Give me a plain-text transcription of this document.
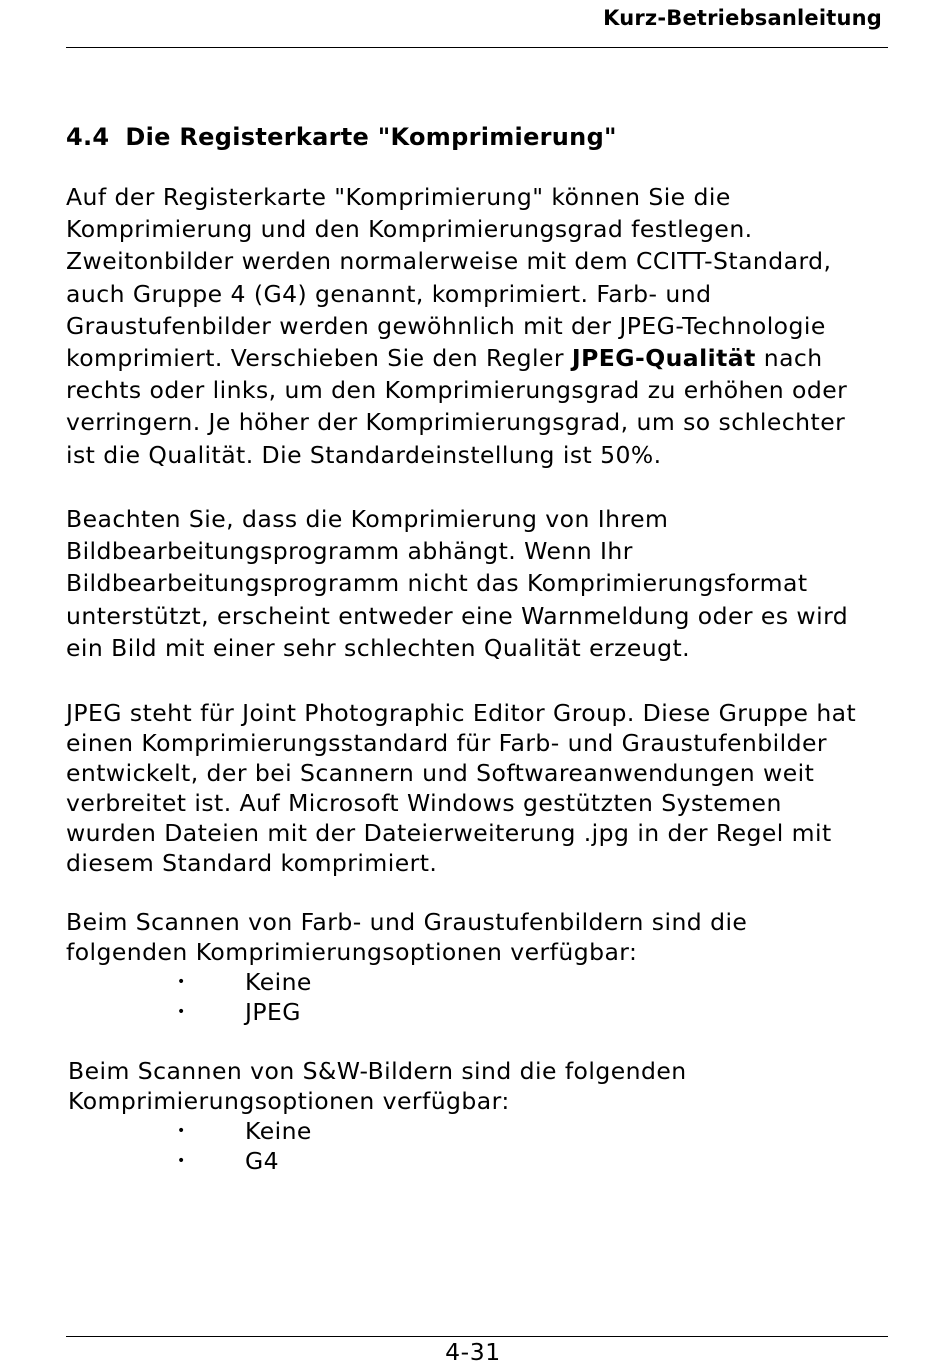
Kurz-Betriebsanleitung
4.4 Die Registerkarte "Komprimierung"

Auf der Registerkarte "Komprimierung" können Sie die
Komprimierung und den Komprimierungsgrad festlegen.
Zweitonbilder werden normalerweise mit dem CCITT-Standard,
auch Gruppe 4 (G4) genannt, komprimiert. Farb- und
Graustufenbilder werden gewöhnlich mit der JPEG-Technologie
komprimiert. Verschieben Sie den Regler JPEG-Qualität nach
rechts oder links, um den Komprimierungsgrad zu erhöhen oder
verringern. Je höher der Komprimierungsgrad, um so schlechter
ist die Qualität. Die Standardeinstellung ist 50%.

Beachten Sie, dass die Komprimierung von Ihrem
Bildbearbeitungsprogramm abhängt. Wenn Ihr
Bildbearbeitungsprogramm nicht das Komprimierungsformat
unterstützt, erscheint entweder eine Warnmeldung oder es wird
ein Bild mit einer sehr schlechten Qualität erzeugt.

JPEG steht für Joint Photographic Editor Group. Diese Gruppe hat
einen Komprimierungsstandard für Farb- und Graustufenbilder
entwickelt, der bei Scannern und Softwareanwendungen weit
verbreitet ist. Auf Microsoft Windows gestützten Systemen
wurden Dateien mit der Dateierweiterung .jpg in der Regel mit
diesem Standard komprimiert.

Beim Scannen von Farb- und Graustufenbildern sind die
folgenden Komprimierungsoptionen verfügbar:

•	Keine
•	JPEG

Beim Scannen von S&W-Bildern sind die folgenden
Komprimierungsoptionen verfügbar:

•	Keine
•	G4
4-31
